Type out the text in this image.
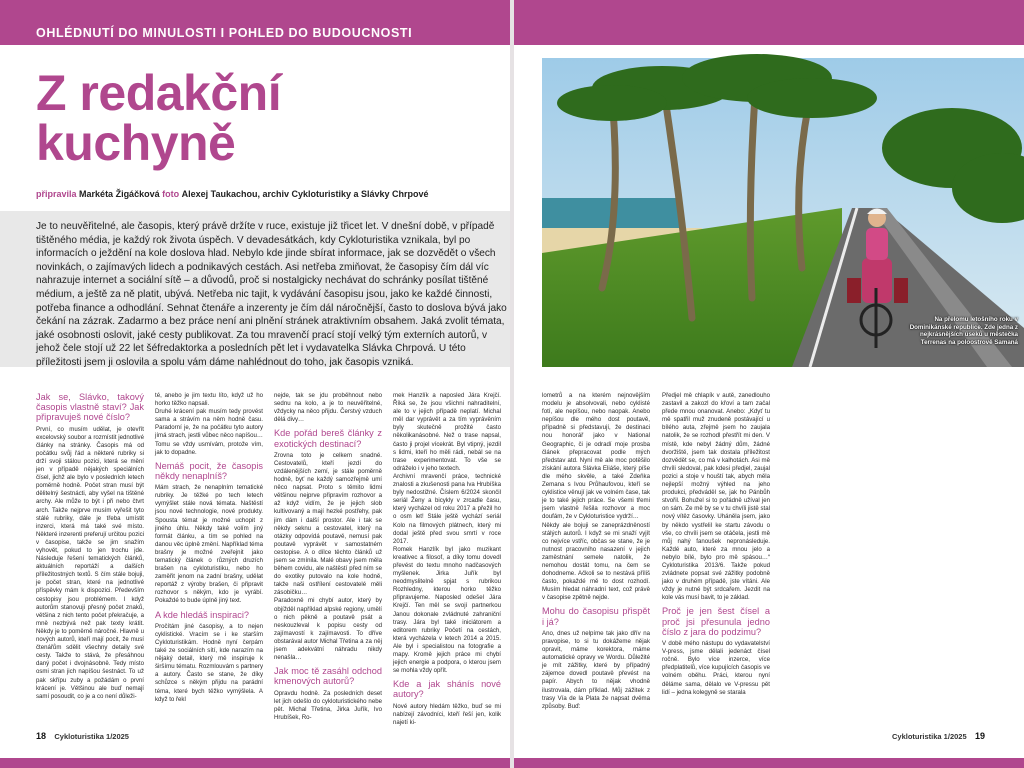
OHLÉDNUTÍ DO MINULOSTI I POHLED DO BUDOUCNOSTI
Z redakční kuchyně
připravila Markéta Žigáčková foto Alexej Taukachou, archiv Cykloturistiky a Slávky Chrpové

Je to neuvěřitelné, ale časopis, který právě držíte v ruce, existuje již třicet let. V dnešní době, v případě tištěného média, je každý rok života úspěch. V devadesátkách, kdy Cykloturistika vznikala, byl po informacích o ježdění na kole doslova hlad. Nebylo kde jinde sbírat informace, jak se dozvědět o všech novinkách, o zajímavých lidech a podnikavých cestách. Asi netřeba zmiňovat, že časopisy čím dál víc nahrazuje internet a sociální sítě – a důvodů, proč si nostalgicky nechávat do schránky posílat tištěné médium, a ještě za ně platit, ubývá. Netřeba nic tajit, k vydávání časopisu jsou, jako ke každé činnosti, potřeba finance a odhodlání. Sehnat čtenáře a inzerenty je čím dál náročnější, často to doslova bývá jako čekání na zázrak. Zadarmo a bez práce není ani plnění stránek atraktivním obsahem. Jaká zvolit témata, jaké osobnosti oslovit, jaké cesty publikovat. Za tou mravenčí prací stojí velký tým externích autorů, v jehož čele stojí už 22 let šéfredaktorka a posledních pět let i vydavatelka Slávka Chrpová. U této příležitosti jsem ji oslovila a spolu vám dáme nahlédnout do toho, jak časopis vzniká.

Jak se, Slávko, takový časopis vlastně staví? Jak připravuješ nové číslo?

První, co musím udělat, je otevřít excelovský soubor a rozmístit jednotlivé články na stránky. Časopis má od počátku svůj řád a některé rubriky si drží svoji stálou pozici, která se mění jen v případě nějakých speciálních čísel, jichž ale bylo v posledních letech poměrně hodně. Počet stran musí být dělitelný šestnácti, aby vyšel na tištěné archy. Ale může to být i při nebo čtvrt arch. Takže nejprve musím vyřešit tyto stálé rubriky, dále je třeba umístit inzerci, která má také své místo. Některé inzerenti preferují určitou pozici v časopise, takže se jim snažím vyhovět, pokud to jen trochu jde. Následuje řešení tematických článků, aktuálních reportáží a dalších příležitostných textů. S čím stále bojuji, je počet stran, které na jednotlivé příspěvky mám k dispozici. Především cestopisy jsou problémem. I když autorům stanovuji přesný počet znaků, většina z nich tento počet překračuje, a mně nezbývá než pak texty krátit. Někdy je to poměrně náročné. Hlavně u nových autorů, kteří mají pocit, že musí čtenářům sdělit všechny detaily své cesty. Takže to stává, že přesáhnou daný počet i dvojnásobně. Tedy místo osmi stran jich napíšou šestnáct. To už pak skřípu zuby a požádám o první krácení je. Většinou ale buď nemají samí posoudit, co je a co není důleži-

té, anebo je jim textu líto, když už ho horko těžko napsali.

Druhé krácení pak musím tedy provést sama a strávím na něm hodně času. Paradorní je, že na počátku tyto autory jímá strach, jestli vůbec něco napíšou… Tomu se vždy usmívám, protože vím, jak to dopadne.

Nemáš pocit, že časopis někdy nenaplníš?

Mám strach, že nenaplním tematické rubriky. Je těžké po tech letech vymýšlet stále nová témata. Naštěstí jsou nové technologie, nové produkty. Spousta témat je možné uchopit z jiného úhlu. Někdy také volím jiný formát článku, a tím se pohled na danou věc úplně změní. Například téma brašny je možné zveřejnit jako tematický článek o různých druzích brašen na cykloturistiku, nebo ho zaměřit jenom na zadní brašny, udělat reportáž z výroby brašen, či připravit rozhovor s někým, kdo je vyrábí. Pokaždé to bude úplně jiný text.

A kde hledáš inspiraci?

Pročítám jiné časopisy, a to nejen cyklistické. Vracím se i ke starším Cykloturistikám. Hodně nyní čerpám také ze sociálních sítí, kde narazím na nějaký detail, který mě inspiruje k širšímu tématu. Rozmlouvám s partnery a autory. Často se stane, že díky schůzce s někým přijdu na parádní téma, které bych těžko vymýšlela. A když to řekl

nejde, tak se jdu proběhnout nebo sednu na kolo, a je to neuvěřitelné, vždycky na něco přijdu. Čerstvý vzduch dělá divy…

Kde pořád bereš články z exotických destinací?

Zrovna toto je celkem snadné. Cestovatelů, kteří jezdí do vzdálenějších zemí, je stále poměrně hodně, byť ne každý samozřejmě umí něco napsat. Proto s těmito lidmi většinou nejprve připravím rozhovor a až když vidím, že je jejich slob kultivovaný a mají hezké postřehy, pak jim dám i další prostor. Ale i tak se někdy seknu a cestovatel, který na otázky odpovídá poutavě, nemusí pak poutavě vyprávět v samostatném cestopise. A o dílce těchto článků už jsem se zmínila. Malé obavy jsem měla během covidu, ale naštěstí před ním se do exotiky putovalo na kole hodně, takže naši ostřílení cestovatelé měli zásobičku…

Paradoxně mi chybí autor, který by objížděl například alpské regiony, umělí o nich pěkně a poutavě psát a neskouzleval k popisu cesty od zajímavostí k zajímavosti. To dříve obstarával autor Michal Třetina a za něj jsem adekvátní náhradu nikdy nenašla…

Jak moc tě zasáhl odchod kmenových autorů?

Opravdu hodně. Za posledních deset let jich odešlo do cykloturistického nebe pět. Michal Třetina, Jirka Juřík, Ivo Hrubíšek, Ro-

mek Hanzlík a naposled Jára Krejčí. Říká se, že jsou všichni nahraditelní, ale to v jejich případě neplatí. Michal měl dar vyprávět a za tím vyprávěním byly skutečně prožité často několikanásobné. Než o trase napsal, často ji projel vícekrát. Byl vtipný, jezdil s lidmi, kteří ho měli rádi, nebál se na trase experimentovat. To vše se odráželo i v jeho textech.

Archivní mravenčí práce, technické znalosti a zkušenosti pana Iva Hrubíška byly nedostižné. Číslem 6/2024 skončil seriál Ženy a bicykly v zrcadle času, který vycházel od roku 2017 a přežil ho o osm let! Stále ještě vychází seriál Kolo na filmových plátnech, který mi dodal ještě před svou smrtí v roce 2017.

Romek Hanzlík byl jako muzikant kreativec a filosof, a díky tomu dovedl převést do textu mnoho nadčasových myšlenek. Jirka Juřík byl neodmyslitelně spjat s rubrikou Rozhledny, kterou horko těžko připravujeme. Naposled odešel Jára Krejčí. Ten měl se svojí partnerkou Janou dokonale zvládnuté zahraniční trasy. Jára byl také iniciátorem a editorem rubriky Početí na cestách, která vycházela v letech 2014 a 2015. Ale byl i specialistou na fotografie a mapy. Kromě jejich práce mi chybí jejich energie a podpora, o kterou jsem se mohla vždy opřít.

Kde a jak shánís nové autory?

Nové autory hledám těžko, buď se mi nabízejí závodníci, kteří řeší jen, kolik najetí ki-

18 Cykloturistika 1/2025
Na přelomu letošního roku v Dominikánské republice. Zde jedna z nejkrásnějších úseků u městečka Terrenas na poloostrově Samaná

lometrů a na kterém nejnovějším modelu je absolvovali, nebo cyklisté fotí, ale nepíšou, nebo naopak. Anebo nepíšou dle mého dost poutavě, případně si představují, že destinaci nou honorář jako v National Geographic, či je odradí moje prosba článek přepracovat podle mých představ atd. Nyní mě ale moc potěšilo získání autora Slávka Eliáše, který píše dle mého skvěle, a také Zdeňka Zemana s Ivou Průhaufovou, kteří se cyklistice věnují jak ve volném čase, tak je to také jejich práce. Se všemi třemi jsem vlastně řešila rozhovor a moc doufám, že v Cykloturistice vydrží…

Někdy ale bojuji se zaneprázdněností stálých autorů. I když se mi snaží vyjít co nejvíce vstříc, občas se stane, že je nutnost pracovního nasazení v jejich zaměstnání semele natolik, že nemohou dostát tomu, na čem se dohodneme. Ačkoli se to nestává příliš často, pokaždé mě to dost rozhodí. Musím hledat náhradní text, což právě v časopise zpětně nejde.

Mohu do časopisu přispět i já?

Ano, dnes už nelpíme tak jako dřív na pravopise, to si tu dokážeme nějak opravit, máme korektora, máme automatické opravy ve Wordu. Důležité je mít zážitky, které by případný zájemce dovedl poutavě převést na papír. Abych to nějak vhodně ilustrovala, dám příklad. Můj zážitek z trasy Vía de la Plata že napsat dvěma způsoby. Buď:

Předjel mě chlapík v autě, zanedlouho zastavil a zakozl do křoví a tam začal přede mnou onanovat. Anebo: „Kdyť tu mě spatřil muž znudeně postávající u bílého auta, zřejmě jsem ho zaujala natolik, že se rozhodl přestřít mi den. V místě, kde nebyl žádný dům, žádné dvoržiště, jsem tak dostala příležitost dozvědět se, co má v kalhotách. Asi mě chvíli sledoval, pak kdesi předjel, zaujal pozici a stoje v houští tak, abych měla nejlepší možný výhled na jeho produkci, předváděl se, jak ho Pánbůh stvořil. Bohužel si to pořádně užíval jen on sám. Ze mě by se v tu chvíli jistě stal nový vítěz časovky. Uháněla jsem, jako by někdo vystřelil ke startu závodu o vše, co chvíli jsem se otáčela, jestli mě můj nahý fanoušek nepronásleduje. Každé auto, které za mnou jelo a nebylo bílé, bylo pro mě spásou…“ Cykloturistika 2013/6. Takže pokud zvládnete popsat své zážitky podobně jako v druhém případě, jste vítáni. Ale vždy je nutné být srdcařem. Jezdit na kole vás musí bavit, to je základ.

Proč je jen šest čísel a proč jsi přesunula jedno číslo z jara do podzimu?

V době mého nástupu do vydavatelství V-press, jsme dělali jedenáct čísel ročně. Bylo více inzerce, více předplatitelů, více kupujících časopis ve volném oběhu. Práci, kterou nyní děláme sama, dělalo ve V-pressu pět lidí – jedna kolegyně se starala

Cykloturistika 1/2025 19
